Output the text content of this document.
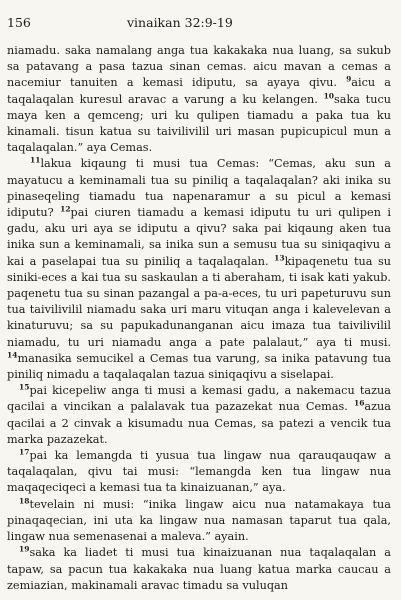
156	vinaikan 32:9-19

niamadu. saka namalang anga tua kakakaka nua luang, sa sukub sa patavang a pasa tazua sinan cemas. aicu mavan a cemas a nacemiur tanuiten a kemasi idiputu, sa ayaya qivu. $^9$aicu a taqalaqalan kuresul aravac a varung a ku kelangen. $^{10}$saka tucu maya ken a qemceng; uri ku qulipen tiamadu a paka tua ku kinamali. tisun katua su taivilivilil uri masan pupicupicul mun a taqalaqalan.” aya Cemas.

$^{11}$lakua kiqaung ti musi tua Cemas: “Cemas, aku sun a mayatucu a keminamali tua su piniliq a taqalaqalan? aki inika su pinaseqeling tiamadu tua napenaramur a su picul a kemasi idiputu? $^{12}$pai ciuren tiamadu a kemasi idiputu tu uri qulipen i gadu, aku uri aya se idiputu a qivu? saka pai kiqaung aken tua inika sun a keminamali, sa inika sun a semusu tua su siniqaqivu a kai a paselapai tua su piniliq a taqalaqalan. $^{13}$kipaqenetu tua su siniki-eces a kai tua su saskaulan a ti aberaham, ti isak kati yakub. paqenetu tua su sinan pazangal a pa-a-eces, tu uri papeturuvu sun tua taivilivilil niamadu saka uri maru vituqan anga i kalevelevan a kinaturuvu; sa su papukadunanganan aicu imaza tua taivilivilil niamadu, tu uri niamadu anga a pate palalaut,” aya ti musi. $^{14}$manasika semucikel a Cemas tua varung, sa inika patavung tua piniliq nimadu a taqalaqalan tazua siniqaqivu a siselapai.

$^{15}$pai kicepeliw anga ti musi a kemasi gadu, a nakemacu tazua qacilai a vincikan a palalavak tua pazazekat nua Cemas. $^{16}$azua qacilai a 2 cinvak a kisumadu nua Cemas, sa patezi a vencik tua marka pazazekat.

$^{17}$pai ka lemangda ti yusua tua lingaw nua qarauqauqaw a taqalaqalan, qivu tai musi: “lemangda ken tua lingaw nua maqaqeciqeci a kemasi tua ta kinaizuanan,” aya.

$^{18}$tevelain ni musi: “inika lingaw aicu nua natamakaya tua pinaqaqecian, ini uta ka lingaw nua namasan taparut tua qala, lingaw nua semenasenai a maleva.” ayain.

$^{19}$saka ka liadet ti musi tua kinaizuanan nua taqalaqalan a tapaw, sa pacun tua kakakaka nua luang katua marka caucau a zemiazian, makinamali aravac timadu sa vuluqan
